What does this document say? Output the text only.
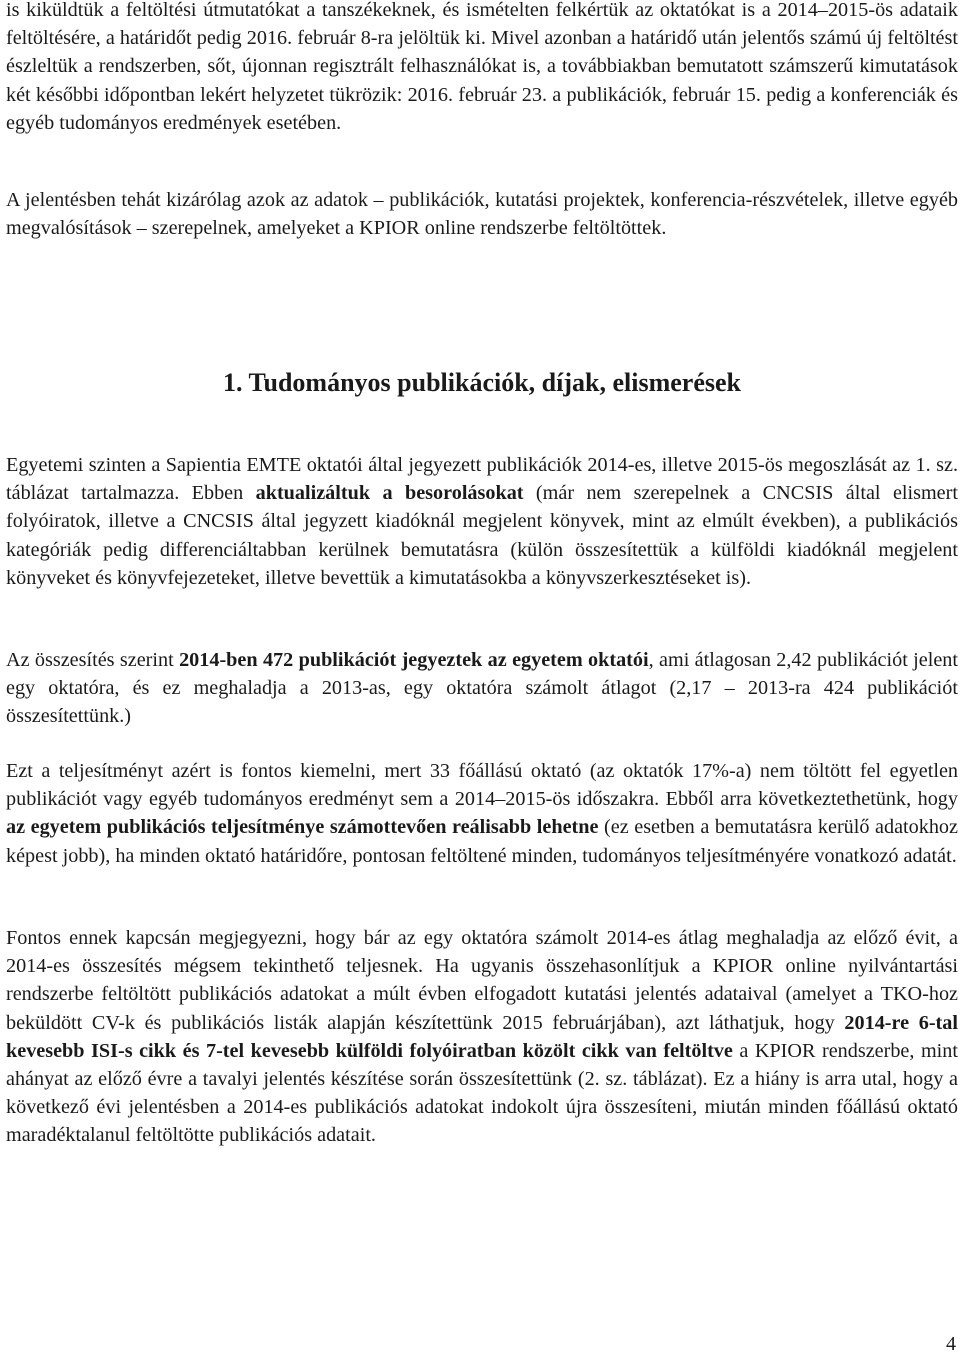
is kiküldtük a feltöltési útmutatókat a tanszékeknek, és ismételten felkértük az oktatókat is a 2014–2015-ös adataik feltöltésére, a határidőt pedig 2016. február 8-ra jelöltük ki. Mivel azonban a határidő után jelentős számú új feltöltést észleltük a rendszerben, sőt, újonnan regisztrált felhasználókat is, a továbbiakban bemutatott számszerű kimutatások két későbbi időpontban lekért helyzetet tükrözik: 2016. február 23. a publikációk, február 15. pedig a konferenciák és egyéb tudományos eredmények esetében.

A jelentésben tehát kizárólag azok az adatok – publikációk, kutatási projektek, konferencia-részvételek, illetve egyéb megvalósítások – szerepelnek, amelyeket a KPIOR online rendszerbe feltöltöttek.

1. Tudományos publikációk, díjak, elismerések

Egyetemi szinten a Sapientia EMTE oktatói által jegyezett publikációk 2014-es, illetve 2015-ös megoszlását az 1. sz. táblázat tartalmazza. Ebben aktualizáltuk a besorolásokat (már nem szerepelnek a CNCSIS által elismert folyóiratok, illetve a CNCSIS által jegyzett kiadóknál megjelent könyvek, mint az elmúlt években), a publikációs kategóriák pedig differenciáltabban kerülnek bemutatásra (külön összesítettük a külföldi kiadóknál megjelent könyveket és könyvfejezeteket, illetve bevettük a kimutatásokba a könyvszerkesztéseket is).

Az összesítés szerint 2014-ben 472 publikációt jegyeztek az egyetem oktatói, ami átlagosan 2,42 publikációt jelent egy oktatóra, és ez meghaladja a 2013-as, egy oktatóra számolt átlagot (2,17 – 2013-ra 424 publikációt összesítettünk.)

Ezt a teljesítményt azért is fontos kiemelni, mert 33 főállású oktató (az oktatók 17%-a) nem töltött fel egyetlen publikációt vagy egyéb tudományos eredményt sem a 2014–2015-ös időszakra. Ebből arra következtethetünk, hogy az egyetem publikációs teljesítménye számottevően reálisabb lehetne (ez esetben a bemutatásra kerülő adatokhoz képest jobb), ha minden oktató határidőre, pontosan feltöltené minden, tudományos teljesítményére vonatkozó adatát.

Fontos ennek kapcsán megjegyezni, hogy bár az egy oktatóra számolt 2014-es átlag meghaladja az előző évit, a 2014-es összesítés mégsem tekinthető teljesnek. Ha ugyanis összehasonlítjuk a KPIOR online nyilvántartási rendszerbe feltöltött publikációs adatokat a múlt évben elfogadott kutatási jelentés adataival (amelyet a TKO-hoz beküldött CV-k és publikációs listák alapján készítettünk 2015 februárjában), azt láthatjuk, hogy 2014-re 6-tal kevesebb ISI-s cikk és 7-tel kevesebb külföldi folyóiratban közölt cikk van feltöltve a KPIOR rendszerbe, mint ahányat az előző évre a tavalyi jelentés készítése során összesítettünk (2. sz. táblázat). Ez a hiány is arra utal, hogy a következő évi jelentésben a 2014-es publikációs adatokat indokolt újra összesíteni, miután minden főállású oktató maradéktalanul feltöltötte publikációs adatait.

4
